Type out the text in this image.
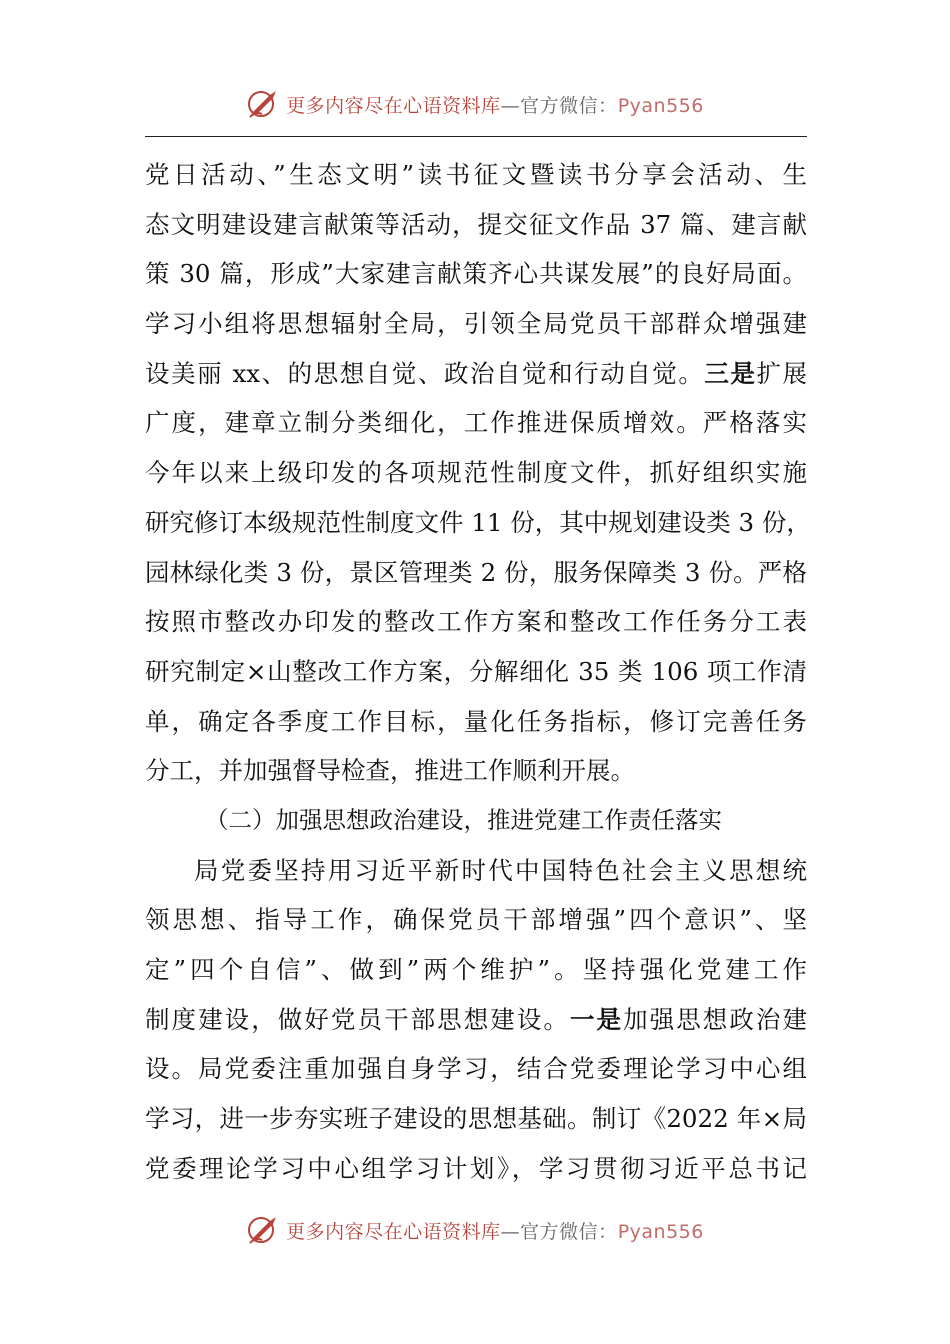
更多内容尽在心语资料库—官方微信：Pyan556
党日活动、”生态文明”读书征文暨读书分享会活动、生
态文明建设建言献策等活动，提交征文作品 37 篇、建言献
策 30 篇，形成”大家建言献策齐心共谋发展”的良好局面。
学习小组将思想辐射全局，引领全局党员干部群众增强建
设美丽 xx、的思想自觉、政治自觉和行动自觉。三是扩展
广度，建章立制分类细化，工作推进保质增效。严格落实
今年以来上级印发的各项规范性制度文件，抓好组织实施
研究修订本级规范性制度文件 11 份，其中规划建设类 3 份，
园林绿化类 3 份，景区管理类 2 份，服务保障类 3 份。严格
按照市整改办印发的整改工作方案和整改工作任务分工表
研究制定×山整改工作方案，分解细化 35 类 106 项工作清
单，确定各季度工作目标，量化任务指标，修订完善任务
分工，并加强督导检查，推进工作顺利开展。
（二）加强思想政治建设，推进党建工作责任落实
局党委坚持用习近平新时代中国特色社会主义思想统
领思想、指导工作，确保党员干部增强”四个意识”、坚
定”四个自信”、做到”两个维护”。坚持强化党建工作
制度建设，做好党员干部思想建设。一是加强思想政治建
设。局党委注重加强自身学习，结合党委理论学习中心组
学习，进一步夯实班子建设的思想基础。制订《2022 年×局
党委理论学习中心组学习计划》，学习贯彻习近平总书记
更多内容尽在心语资料库—官方微信：Pyan556
